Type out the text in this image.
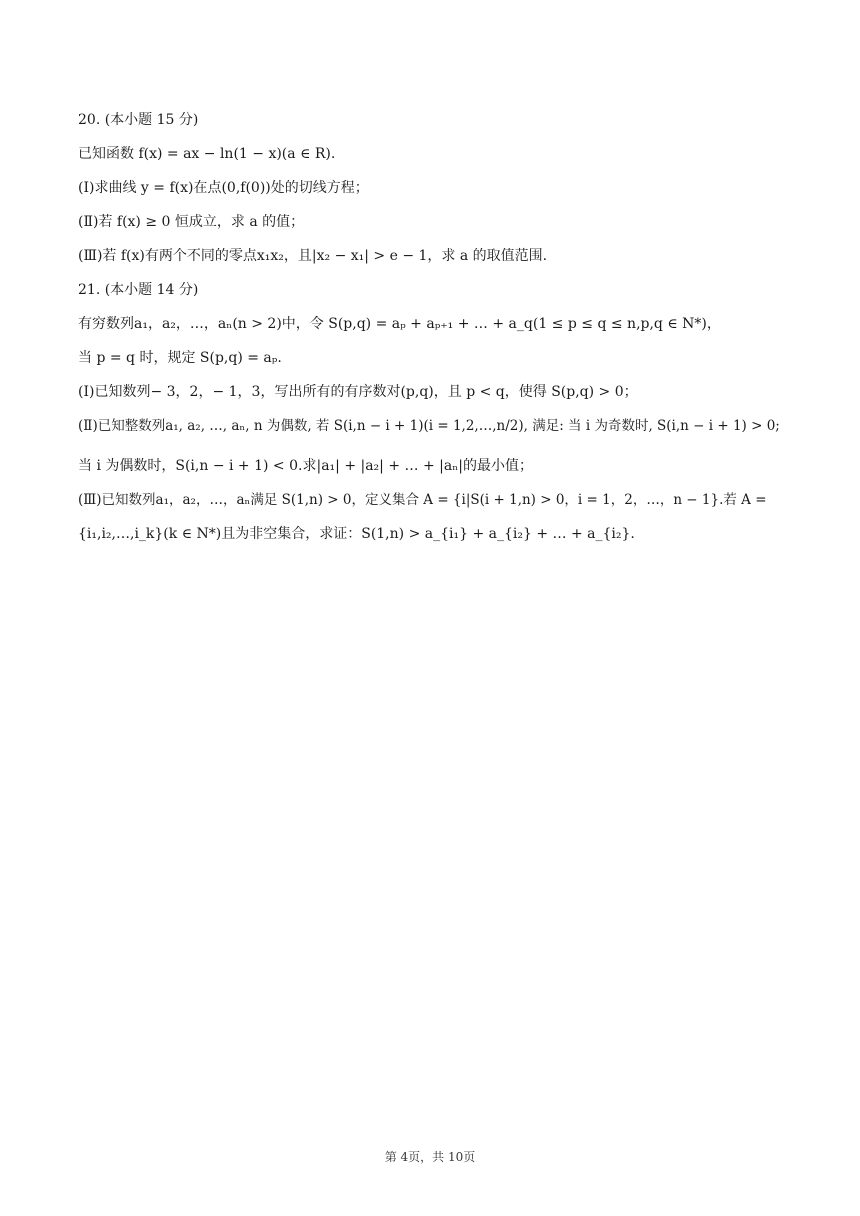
20. (本小题 15 分)
已知函数 f(x) = ax − ln(1 − x)(a ∈ R).
(Ⅰ)求曲线 y = f(x)在点(0,f(0))处的切线方程；
(Ⅱ)若 f(x) ≥ 0 恒成立，求 a 的值；
(Ⅲ)若 f(x)有两个不同的零点x₁x₂，且|x₂ − x₁| > e − 1，求 a 的取值范围.
21. (本小题 14 分)
有穷数列a₁，a₂，…，aₙ(n > 2)中，令 S(p,q) = aₚ + aₚ₊₁ + … + a_q(1 ≤ p ≤ q ≤ n,p,q ∈ N*)，
当 p = q 时，规定 S(p,q) = aₚ.
(Ⅰ)已知数列− 3，2，− 1，3，写出所有的有序数对(p,q)，且 p < q，使得 S(p,q) > 0；
(Ⅱ)已知整数列a₁, a₂, …, aₙ, n 为偶数, 若 S(i,n − i + 1)(i = 1,2,…,n/2), 满足: 当 i 为奇数时, S(i,n − i + 1) > 0;
当 i 为偶数时，S(i,n − i + 1) < 0.求|a₁| + |a₂| + … + |aₙ|的最小值；
(Ⅲ)已知数列a₁，a₂，…，aₙ满足 S(1,n) > 0，定义集合 A = {i|S(i + 1,n) > 0，i = 1，2，…，n − 1}.若 A =
{i₁,i₂,…,i_k}(k ∈ N*)且为非空集合，求证：S(1,n) > a_{i₁} + a_{i₂} + … + a_{i₂}.
第 4页，共 10页
